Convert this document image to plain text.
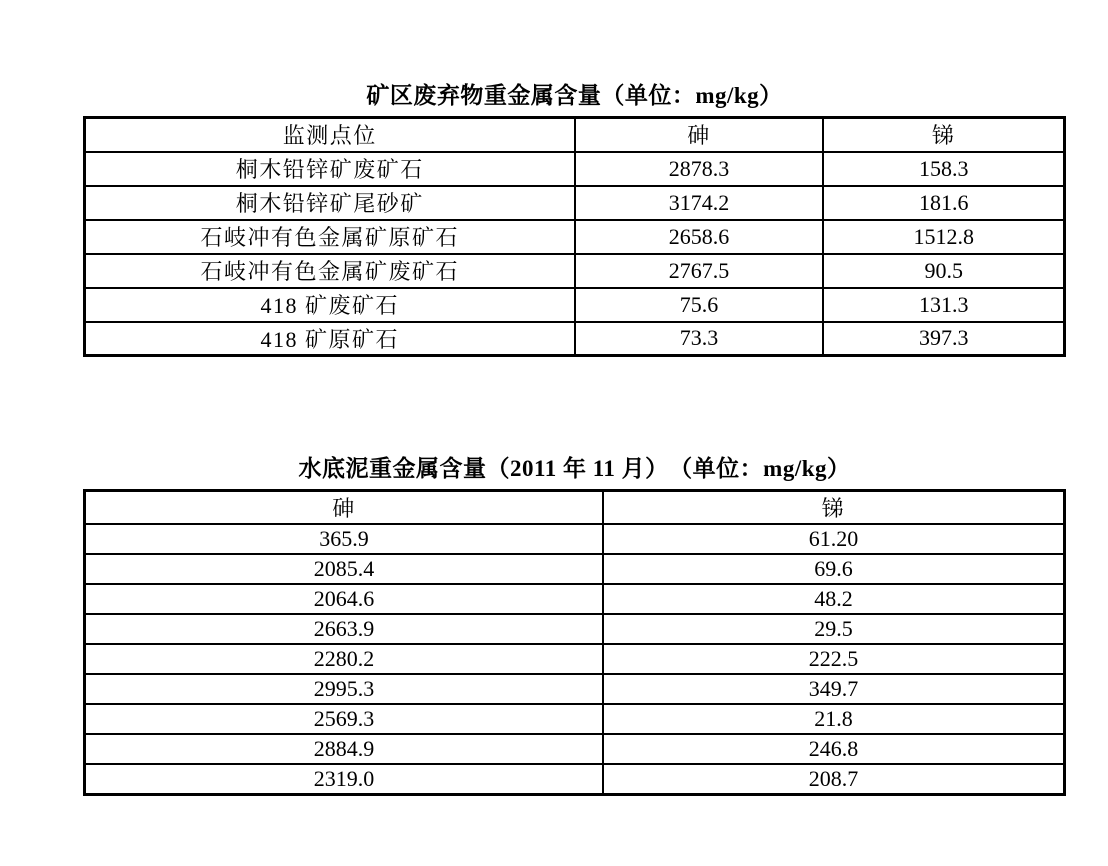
矿区废弃物重金属含量（单位：mg/kg）
监测点位	砷	锑
桐木铅锌矿废矿石	2878.3	158.3
桐木铅锌矿尾砂矿	3174.2	181.6
石岐冲有色金属矿原矿石	2658.6	1512.8
石岐冲有色金属矿废矿石	2767.5	90.5
418 矿废矿石	75.6	131.3
418 矿原矿石	73.3	397.3
水底泥重金属含量（2011 年 11 月）　（单位：mg/kg）
砷	锑
365.9	61.20
2085.4	69.6
2064.6	48.2
2663.9	29.5
2280.2	222.5
2995.3	349.7
2569.3	21.8
2884.9	246.8
2319.0	208.7
